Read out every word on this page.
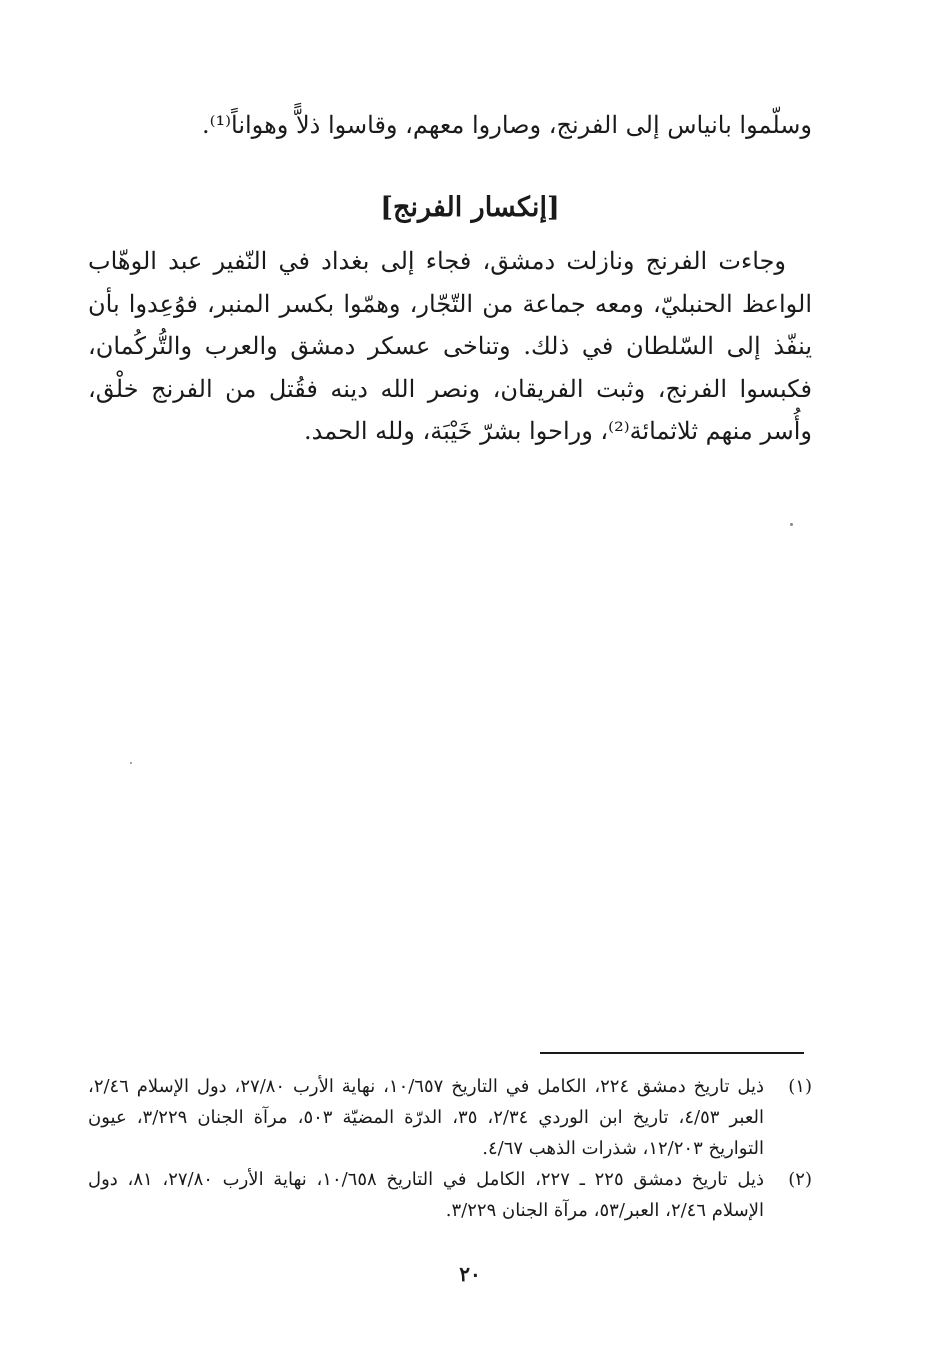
وسلّموا بانياس إلى الفرنج، وصاروا معهم، وقاسوا ذلاًّ وهواناً⁽¹⁾.
[إنكسار الفرنج]
وجاءت الفرنج ونازلت دمشق، فجاء إلى بغداد في النّفير عبد الوهّاب الواعظ الحنبليّ، ومعه جماعة من التّجّار، وهمّوا بكسر المنبر، فوُعِدوا بأن ينفّذ إلى السّلطان في ذلك. وتناخى عسكر دمشق والعرب والتُّركُمان، فكبسوا الفرنج، وثبت الفريقان، ونصر الله دينه فقُتل من الفرنج خلْق، وأُسر منهم ثلاثمائة⁽²⁾، وراحوا بشرّ خَيْبَة، ولله الحمد.
(١)
ذيل تاريخ دمشق ٢٢٤، الكامل في التاريخ ١٠/٦٥٧، نهاية الأرب ٢٧/٨٠، دول الإسلام ٢/٤٦، العبر ٤/٥٣، تاريخ ابن الوردي ٢/٣٤، ٣٥، الدرّة المضيّة ٥٠٣، مرآة الجنان ٣/٢٢٩، عيون التواريخ ١٢/٢٠٣، شذرات الذهب ٤/٦٧.
(٢)
ذيل تاريخ دمشق ٢٢٥ ـ ٢٢٧، الكامل في التاريخ ١٠/٦٥٨، نهاية الأرب ٢٧/٨٠، ٨١، دول الإسلام ٢/٤٦، العبر/٥٣، مرآة الجنان ٣/٢٢٩.
٢٠
